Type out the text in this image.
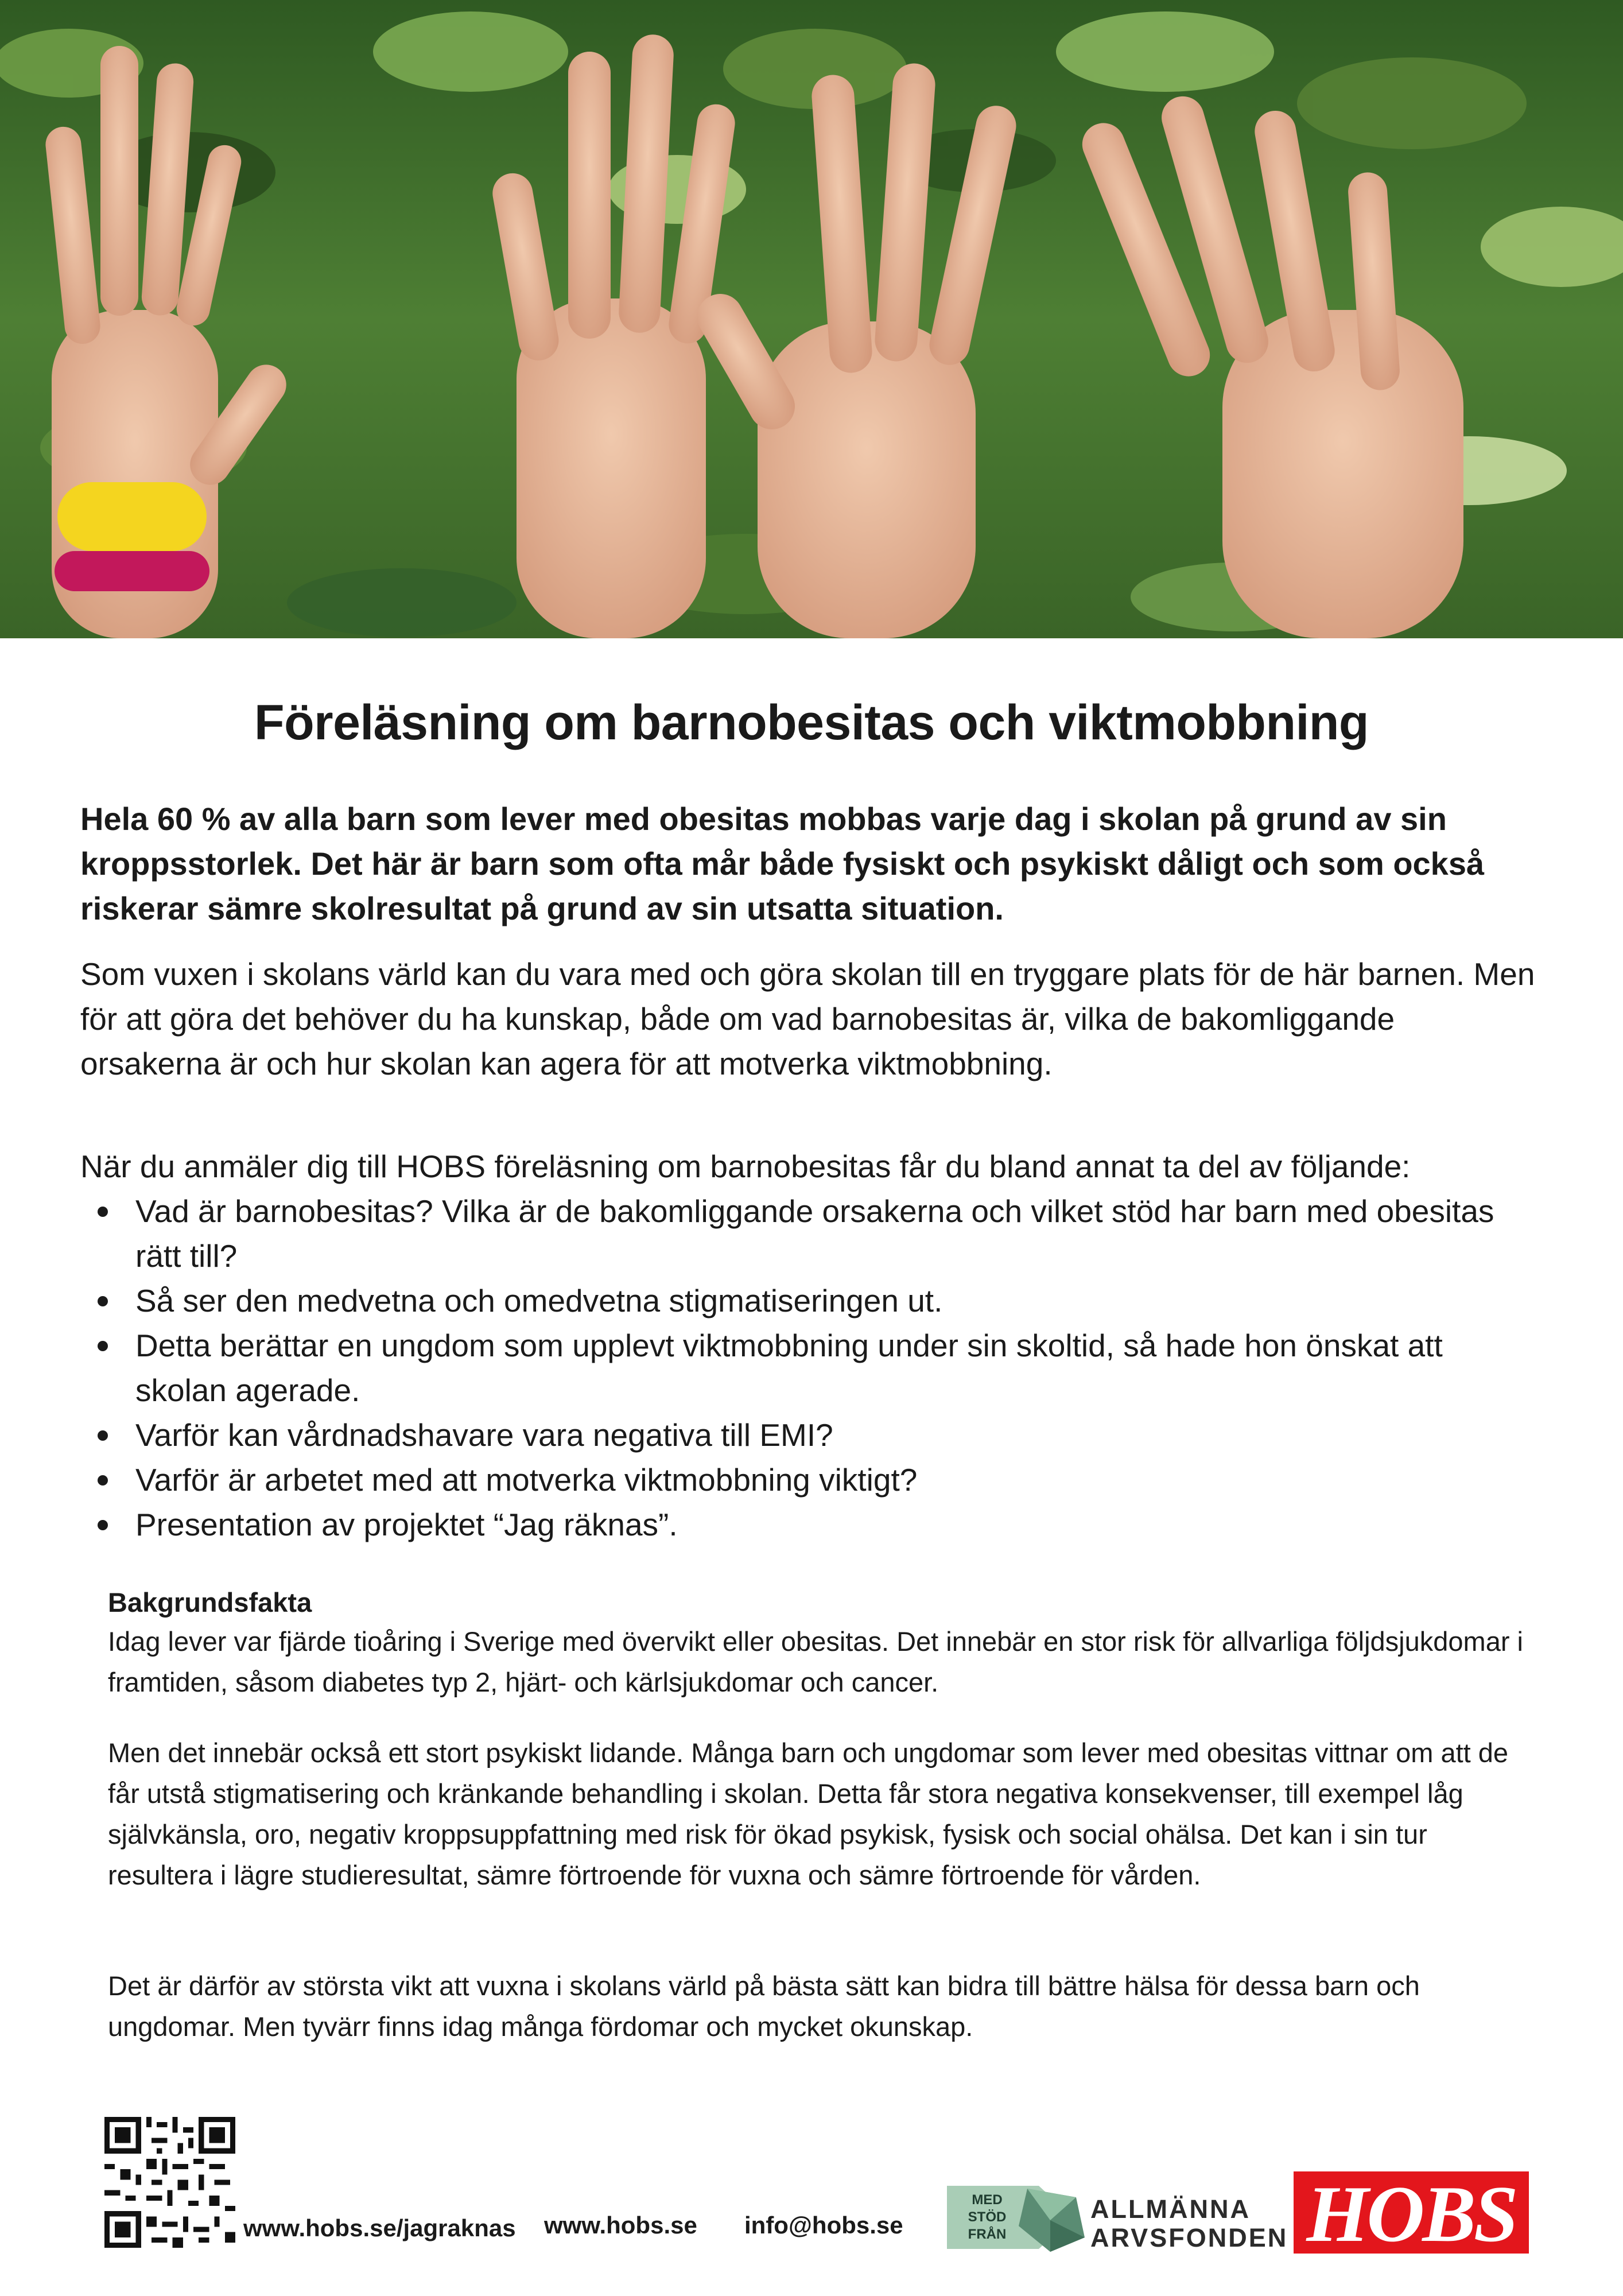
Föreläsning om barnobesitas och viktmobbning

Hela 60 % av alla barn som lever med obesitas mobbas varje dag i skolan på grund av sin kroppsstorlek. Det här är barn som ofta mår både fysiskt och psykiskt dåligt och som också riskerar sämre skolresultat på grund av sin utsatta situation.

Som vuxen i skolans värld kan du vara med och göra skolan till en tryggare plats för de här barnen. Men för att göra det behöver du ha kunskap, både om vad barnobesitas är, vilka de bakomliggande orsakerna är och hur skolan kan agera för att motverka viktmobbning.

När du anmäler dig till HOBS föreläsning om barnobesitas får du bland annat ta del av följande:

Vad är barnobesitas? Vilka är de bakomliggande orsakerna och vilket stöd har barn med obesitas rätt till?
Så ser den medvetna och omedvetna stigmatiseringen ut.
Detta berättar en ungdom som upplevt viktmobbning under sin skoltid, så hade hon önskat att skolan agerade.
Varför kan vårdnadshavare vara negativa till EMI?
Varför är arbetet med att motverka viktmobbning viktigt?
Presentation av projektet “Jag räknas”.
Bakgrundsfakta

Idag lever var fjärde tioåring i Sverige med övervikt eller obesitas. Det innebär en stor risk för allvarliga följdsjukdomar i framtiden, såsom diabetes typ 2, hjärt- och kärlsjukdomar och cancer.

Men det innebär också ett stort psykiskt lidande. Många barn och ungdomar som lever med obesitas vittnar om att de får utstå stigmatisering och kränkande behandling i skolan. Detta får stora negativa konsekvenser, till exempel låg självkänsla, oro, negativ kroppsuppfattning med risk för ökad psykisk, fysisk och social ohälsa. Det kan i sin tur resultera i lägre studieresultat, sämre förtroende för vuxna och sämre förtroende för vården.

Det är därför av största vikt att vuxna i skolans värld på bästa sätt kan bidra till bättre hälsa för dessa barn och ungdomar. Men tyvärr finns idag många fördomar och mycket okunskap.

www.hobs.se/jagraknas www.hobs.se info@hobs.se
MED
STÖD
FRÅN
ALLMÄNNA
ARVSFONDEN HOBS
